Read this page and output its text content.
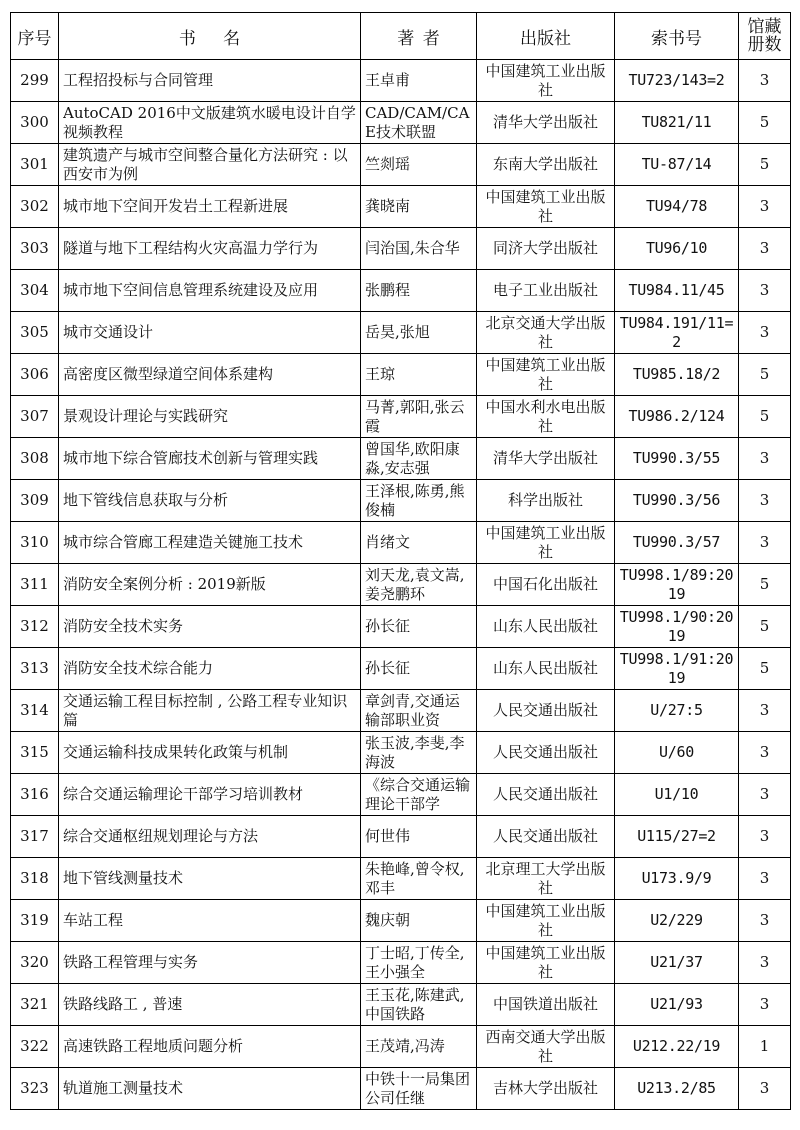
序号	书名	著者	出版社	索书号	馆藏册数
299	工程招投标与合同管理	王卓甫	中国建筑工业出版社	TU723/143=2	3
300	AutoCAD 2016中文版建筑水暖电设计自学视频教程	CAD/CAM/CAE技术联盟	清华大学出版社	TU821/11	5
301	建筑遗产与城市空间整合量化方法研究 : 以西安市为例	竺剡瑶	东南大学出版社	TU-87/14	5
302	城市地下空间开发岩土工程新进展	龚晓南	中国建筑工业出版社	TU94/78	3
303	隧道与地下工程结构火灾高温力学行为	闫治国,朱合华	同济大学出版社	TU96/10	3
304	城市地下空间信息管理系统建设及应用	张鹏程	电子工业出版社	TU984.11/45	3
305	城市交通设计	岳昊,张旭	北京交通大学出版社	TU984.191/11=2	3
306	高密度区微型绿道空间体系建构	王琼	中国建筑工业出版社	TU985.18/2	5
307	景观设计理论与实践研究	马菁,郭阳,张云霞	中国水利水电出版社	TU986.2/124	5
308	城市地下综合管廊技术创新与管理实践	曾国华,欧阳康淼,安志强	清华大学出版社	TU990.3/55	3
309	地下管线信息获取与分析	王泽根,陈勇,熊俊楠	科学出版社	TU990.3/56	3
310	城市综合管廊工程建造关键施工技术	肖绪文	中国建筑工业出版社	TU990.3/57	3
311	消防安全案例分析 : 2019新版	刘天龙,袁文嵩,姜尧鹏环	中国石化出版社	TU998.1/89:2019	5
312	消防安全技术实务	孙长征	山东人民出版社	TU998.1/90:2019	5
313	消防安全技术综合能力	孙长征	山东人民出版社	TU998.1/91:2019	5
314	交通运输工程目标控制 , 公路工程专业知识篇	章剑青,交通运输部职业资	人民交通出版社	U/27:5	3
315	交通运输科技成果转化政策与机制	张玉波,李斐,李海波	人民交通出版社	U/60	3
316	综合交通运输理论干部学习培训教材	《综合交通运输理论干部学	人民交通出版社	U1/10	3
317	综合交通枢纽规划理论与方法	何世伟	人民交通出版社	U115/27=2	3
318	地下管线测量技术	朱艳峰,曾令权,邓丰	北京理工大学出版社	U173.9/9	3
319	车站工程	魏庆朝	中国建筑工业出版社	U2/229	3
320	铁路工程管理与实务	丁士昭,丁传全,王小强全	中国建筑工业出版社	U21/37	3
321	铁路线路工 , 普速	王玉花,陈建武,中国铁路	中国铁道出版社	U21/93	3
322	高速铁路工程地质问题分析	王茂靖,冯涛	西南交通大学出版社	U212.22/19	1
323	轨道施工测量技术	中铁十一局集团公司任继	吉林大学出版社	U213.2/85	3
